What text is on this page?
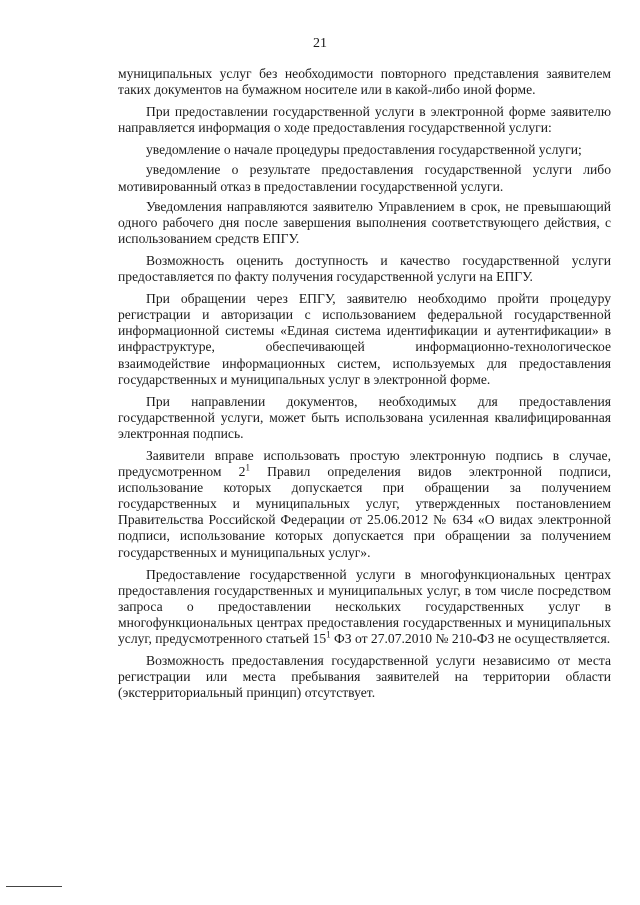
21

муниципальных услуг без необходимости повторного представления заявителем таких документов на бумажном носителе или в какой-либо иной форме.

При предоставлении государственной услуги в электронной форме заявителю направляется информация о ходе предоставления государственной услуги:

уведомление о начале процедуры предоставления государственной услуги;

уведомление о результате предоставления государственной услуги либо мотивированный отказ в предоставлении государственной услуги.

Уведомления направляются заявителю Управлением в срок, не превышающий одного рабочего дня после завершения выполнения соответствующего действия, с использованием средств ЕПГУ.

Возможность оценить доступность и качество государственной услуги предоставляется по факту получения государственной услуги на ЕПГУ.

При обращении через ЕПГУ, заявителю необходимо пройти процедуру регистрации и авторизации с использованием федеральной государственной информационной системы «Единая система идентификации и аутентификации» в инфраструктуре, обеспечивающей информационно-технологическое взаимодействие информационных систем, используемых для предоставления государственных и муниципальных услуг в электронной форме.

При направлении документов, необходимых для предоставления государственной услуги, может быть использована усиленная квалифицированная электронная подпись.

Заявители вправе использовать простую электронную подпись в случае, предусмотренном $2^1$ Правил определения видов электронной подписи, использование которых допускается при обращении за получением государственных и муниципальных услуг, утвержденных постановлением Правительства Российской Федерации от 25.06.2012 № 634 «О видах электронной подписи, использование которых допускается при обращении за получением государственных и муниципальных услуг».

Предоставление государственной услуги в многофункциональных центрах предоставления государственных и муниципальных услуг, в том числе посредством запроса о предоставлении нескольких государственных услуг в многофункциональных центрах предоставления государственных и муниципальных услуг, предусмотренного статьей $15^1$ ФЗ от 27.07.2010 № 210-ФЗ не осуществляется.

Возможность предоставления государственной услуги независимо от места регистрации или места пребывания заявителей на территории области (экстерриториальный принцип) отсутствует.
